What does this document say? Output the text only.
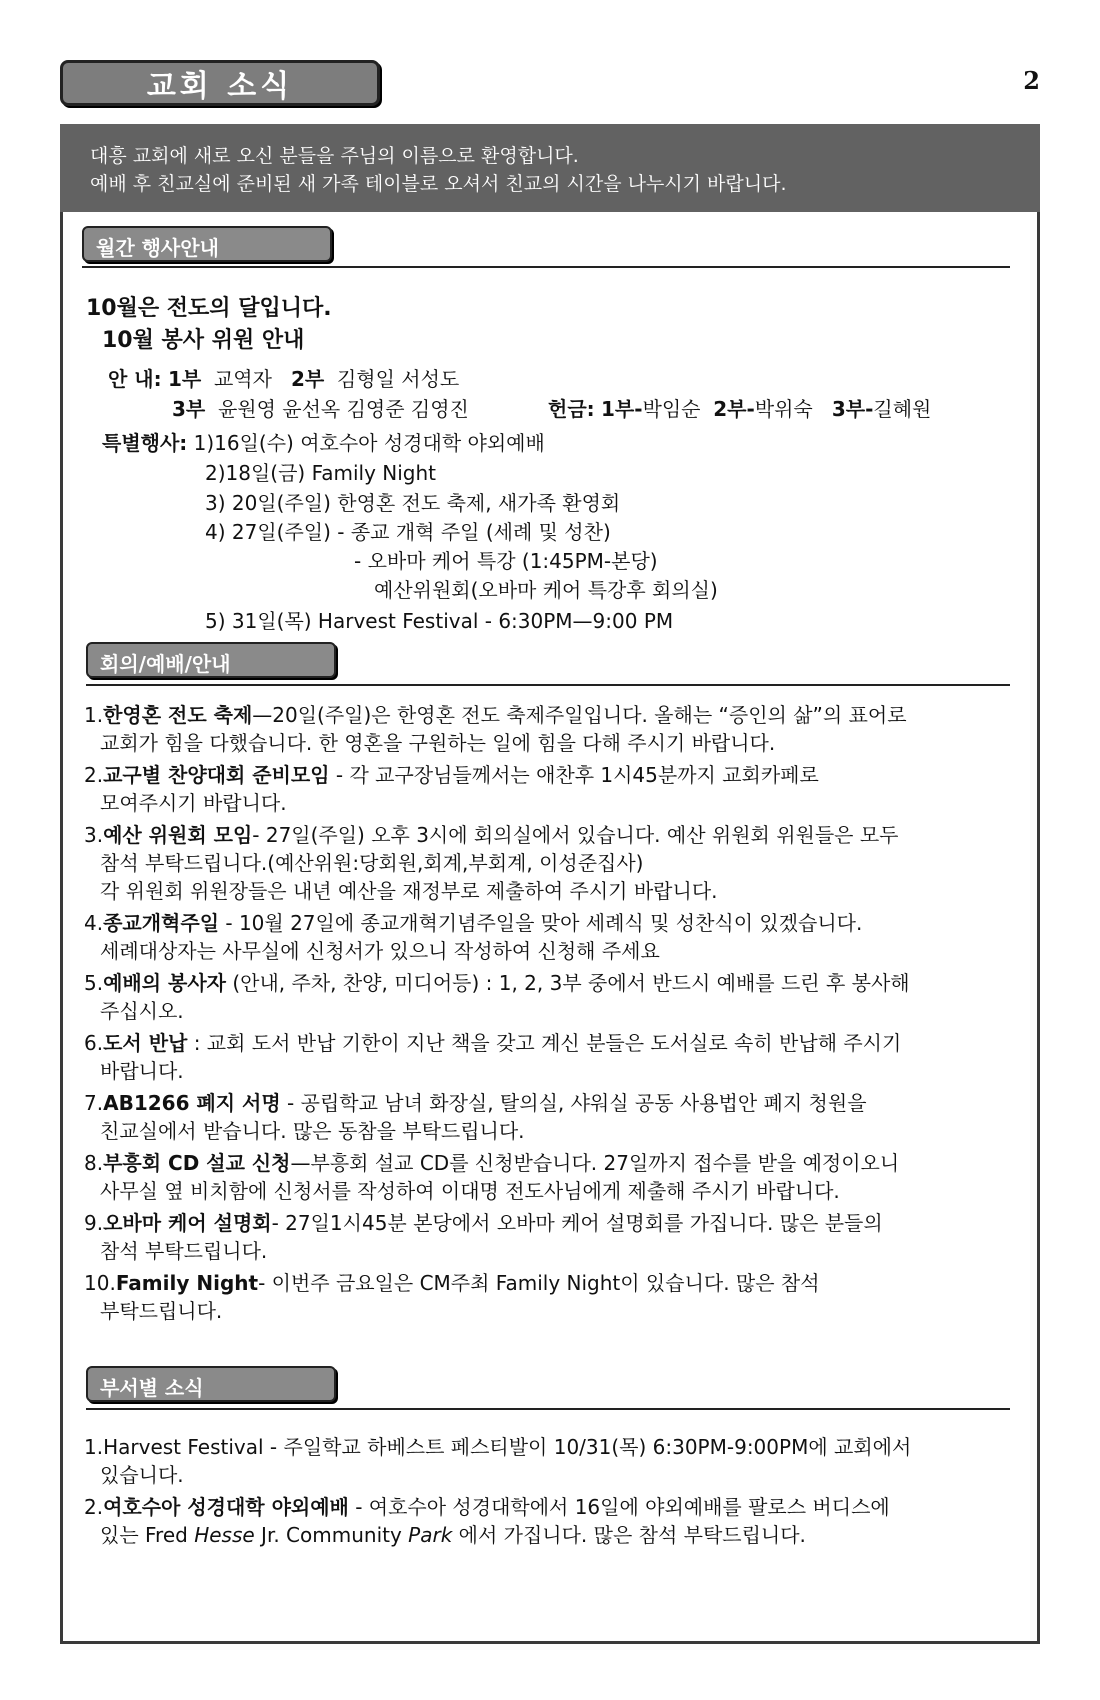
교회 소식	2
대흥 교회에 새로 오신 분들을 주님의 이름으로 환영합니다.
예배 후 친교실에 준비된 새 가족 테이블로 오셔서 친교의 시간을 나누시기 바랍니다.
월간 행사안내
10월은 전도의 달입니다.
10월 봉사 위원 안내
안 내: 1부 교역자 2부 김형일 서성도
3부 윤원영 윤선옥 김영준 김영진	헌금: 1부-박임순 2부-박위숙 3부-길혜원
특별행사: 1)16일(수) 여호수아 성경대학 야외예배
2)18일(금) Family Night
3) 20일(주일) 한영혼 전도 축제, 새가족 환영회
4) 27일(주일) - 종교 개혁 주일 (세례 및 성찬)
- 오바마 케어 특강 (1:45PM-본당)
예산위원회(오바마 케어 특강후 회의실)
5) 31일(목) Harvest Festival - 6:30PM—9:00 PM
회의/예배/안내
1.한영혼 전도 축제—20일(주일)은 한영혼 전도 축제주일입니다. 올해는 “증인의 삶”의 표어로
교회가 힘을 다했습니다. 한 영혼을 구원하는 일에 힘을 다해 주시기 바랍니다.
2.교구별 찬양대회 준비모임 - 각 교구장님들께서는 애찬후 1시45분까지 교회카페로
모여주시기 바랍니다.
3.예산 위원회 모임- 27일(주일) 오후 3시에 회의실에서 있습니다. 예산 위원회 위원들은 모두
참석 부탁드립니다.(예산위원:당회원,회계,부회계, 이성준집사)
각 위원회 위원장들은 내년 예산을 재정부로 제출하여 주시기 바랍니다.
4.종교개혁주일 - 10월 27일에 종교개혁기념주일을 맞아 세례식 및 성찬식이 있겠습니다.
세례대상자는 사무실에 신청서가 있으니 작성하여 신청해 주세요
5.예배의 봉사자 (안내, 주차, 찬양, 미디어등) : 1, 2, 3부 중에서 반드시 예배를 드린 후 봉사해
주십시오.
6.도서 반납 : 교회 도서 반납 기한이 지난 책을 갖고 계신 분들은 도서실로 속히 반납해 주시기
바랍니다.
7.AB1266 폐지 서명 - 공립학교 남녀 화장실, 탈의실, 샤워실 공동 사용법안 폐지 청원을
친교실에서 받습니다. 많은 동참을 부탁드립니다.
8.부흥회 CD 설교 신청—부흥회 설교 CD를 신청받습니다. 27일까지 접수를 받을 예정이오니
사무실 옆 비치함에 신청서를 작성하여 이대명 전도사님에게 제출해 주시기 바랍니다.
9.오바마 케어 설명회- 27일1시45분 본당에서 오바마 케어 설명회를 가집니다. 많은 분들의
참석 부탁드립니다.
10.Family Night- 이번주 금요일은 CM주최 Family Night이 있습니다. 많은 참석
부탁드립니다.
부서별 소식
1.Harvest Festival - 주일학교 하베스트 페스티발이 10/31(목) 6:30PM-9:00PM에 교회에서
있습니다.
2.여호수아 성경대학 야외예배 - 여호수아 성경대학에서 16일에 야외예배를 팔로스 버디스에
있는 Fred Hesse Jr. Community Park 에서 가집니다. 많은 참석 부탁드립니다.
